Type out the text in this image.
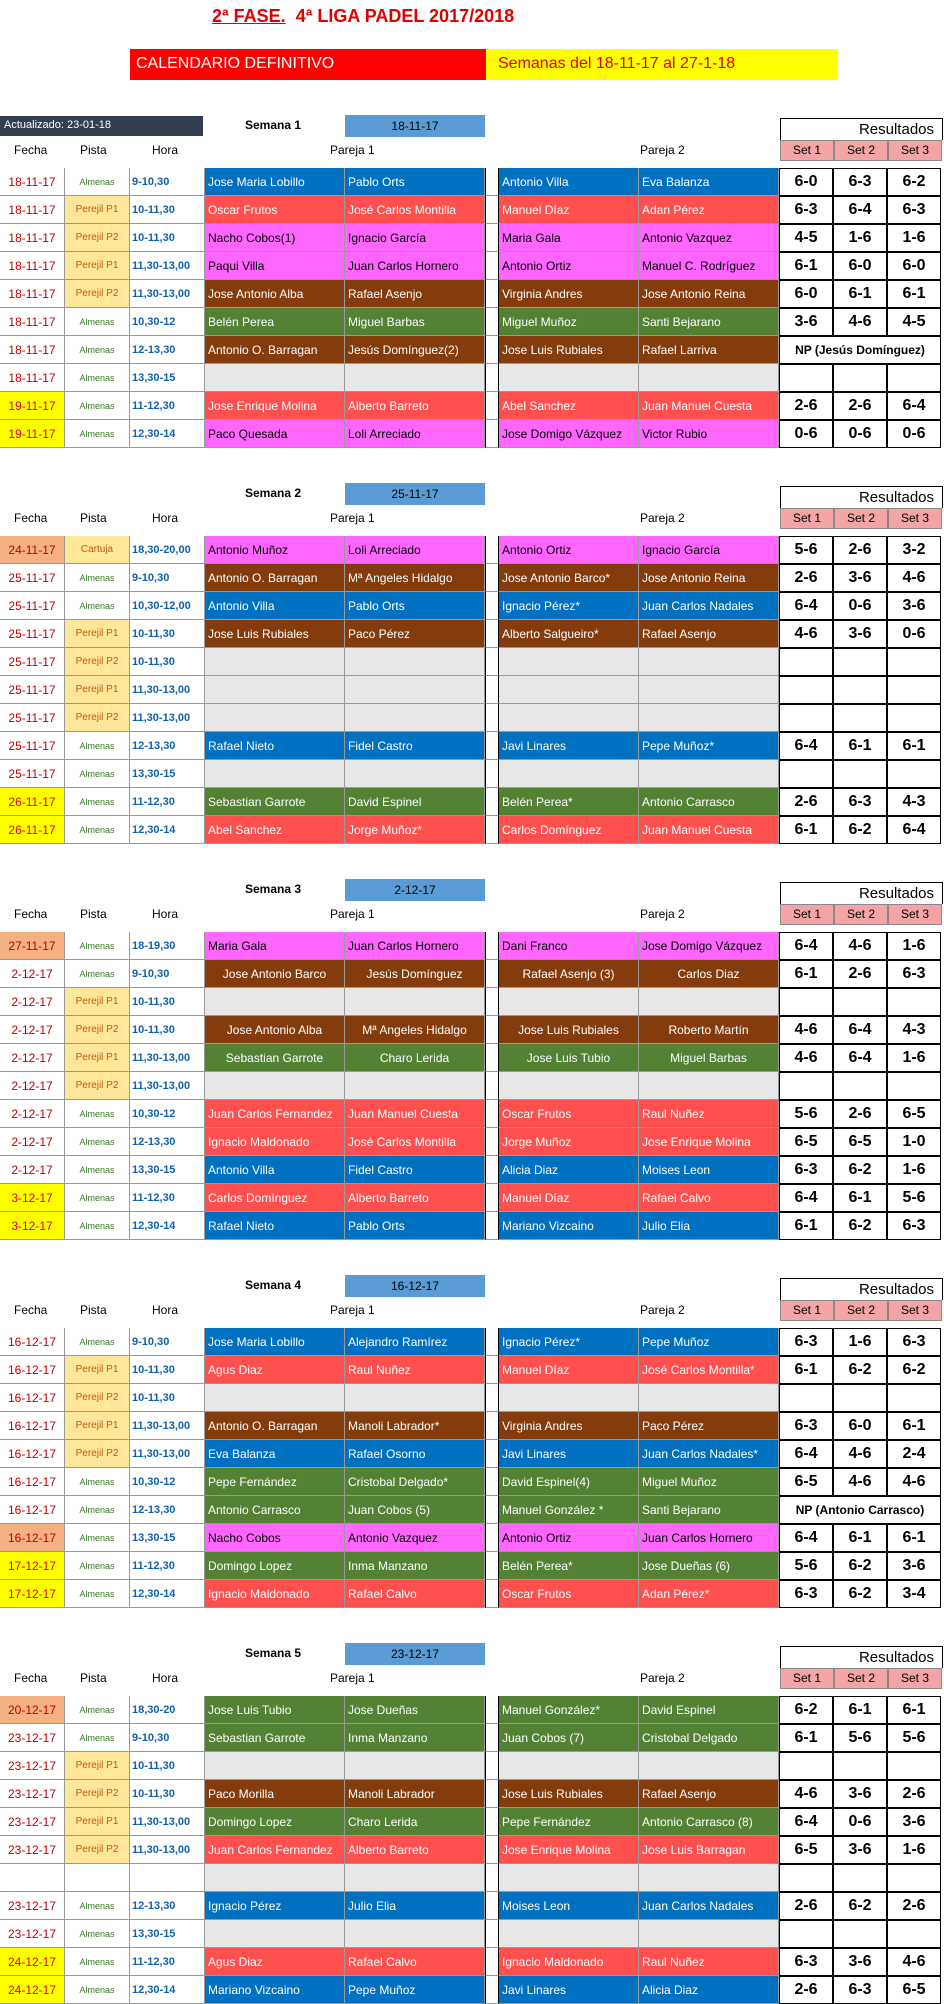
2ª FASE. 4ª LIGA PADEL 2017/2018
CALENDARIO DEFINITIVO	Semanas del 18-11-17 al 27-1-18
Actualizado: 23-01-18	Semana 1	18-11-17	Resultados
Fecha	Pista	Hora	Pareja 1	Pareja 2	Set 1	Set 2	Set 3
18-11-17	Almenas	9-10,30	Jose Maria Lobillo	Pablo Orts	Antonio Villa	Eva Balanza	6-0	6-3	6-2
18-11-17	Perejil P1	10-11,30	Oscar Frutos	José Carlos Montilla	Manuel Díaz	Adan Pérez	6-3	6-4	6-3
18-11-17	Perejil P2	10-11,30	Nacho Cobos(1)	Ignacio García	Maria Gala	Antonio Vazquez	4-5	1-6	1-6
18-11-17	Perejil P1	11,30-13,00	Paqui Villa	Juan Carlos Hornero	Antonio Ortiz	Manuel C. Rodríguez	6-1	6-0	6-0
18-11-17	Perejil P2	11,30-13,00	Jose Antonio Alba	Rafael Asenjo	Virginia Andres	Jose Antonio Reina	6-0	6-1	6-1
18-11-17	Almenas	10,30-12	Belén Perea	Miguel Barbas	Miguel Muñoz	Santi Bejarano	3-6	4-6	4-5
18-11-17	Almenas	12-13,30	Antonio O. Barragan	Jesús Domínguez(2)	Jose Luis Rubiales	Rafael Larriva	NP (Jesús Domínguez)
18-11-17	Almenas	13,30-15
19-11-17	Almenas	11-12,30	Jose Enrique Molina	Alberto Barreto	Abel Sanchez	Juan Manuel Cuesta	2-6	2-6	6-4
19-11-17	Almenas	12,30-14	Paco Quesada	Loli Arreciado	Jose Domigo Vázquez	Victor Rubio	0-6	0-6	0-6
Semana 2	25-11-17	Resultados
Fecha	Pista	Hora	Pareja 1	Pareja 2	Set 1	Set 2	Set 3
24-11-17	Cartuja	18,30-20,00	Antonio Muñoz	Loli Arreciado	Antonio Ortiz	Ignacio García	5-6	2-6	3-2
25-11-17	Almenas	9-10,30	Antonio O. Barragan	Mª Angeles Hidalgo	Jose Antonio Barco*	Jose Antonio Reina	2-6	3-6	4-6
25-11-17	Almenas	10,30-12,00	Antonio Villa	Pablo Orts	Ignacio Pérez*	Juan Carlos Nadales	6-4	0-6	3-6
25-11-17	Perejil P1	10-11,30	Jose Luis Rubiales	Paco Pérez	Alberto Salgueiro*	Rafael Asenjo	4-6	3-6	0-6
25-11-17	Perejil P2	10-11,30
25-11-17	Perejil P1	11,30-13,00
25-11-17	Perejil P2	11,30-13,00
25-11-17	Almenas	12-13,30	Rafael Nieto	Fidel Castro	Javi Linares	Pepe Muñoz*	6-4	6-1	6-1
25-11-17	Almenas	13,30-15
26-11-17	Almenas	11-12,30	Sebastian Garrote	David Espinel	Belén Perea*	Antonio Carrasco	2-6	6-3	4-3
26-11-17	Almenas	12,30-14	Abel Sanchez	Jorge Muñoz*	Carlos Domínguez	Juan Manuel Cuesta	6-1	6-2	6-4
Semana 3	2-12-17	Resultados
Fecha	Pista	Hora	Pareja 1	Pareja 2	Set 1	Set 2	Set 3
27-11-17	Almenas	18-19,30	Maria Gala	Juan Carlos Hornero	Dani Franco	Jose Domigo Vázquez	6-4	4-6	1-6
2-12-17	Almenas	9-10,30	Jose Antonio Barco	Jesús Domínguez	Rafael Asenjo (3)	Carlos Diaz	6-1	2-6	6-3
2-12-17	Perejil P1	10-11,30
2-12-17	Perejil P2	10-11,30	Jose Antonio Alba	Mª Angeles Hidalgo	Jose Luis Rubiales	Roberto Martín	4-6	6-4	4-3
2-12-17	Perejil P1	11,30-13,00	Sebastian Garrote	Charo Lerida	Jose Luis Tubio	Miguel Barbas	4-6	6-4	1-6
2-12-17	Perejil P2	11,30-13,00
2-12-17	Almenas	10,30-12	Juan Carlos Fernandez	Juan Manuel Cuesta	Oscar Frutos	Raul Nuñez	5-6	2-6	6-5
2-12-17	Almenas	12-13,30	Ignacio Maldonado	José Carlos Montilla	Jorge Muñoz	Jose Enrique Molina	6-5	6-5	1-0
2-12-17	Almenas	13,30-15	Antonio Villa	Fidel Castro	Alicia Diaz	Moises Leon	6-3	6-2	1-6
3-12-17	Almenas	11-12,30	Carlos Domínguez	Alberto Barreto	Manuel Díaz	Rafael Calvo	6-4	6-1	5-6
3-12-17	Almenas	12,30-14	Rafael Nieto	Pablo Orts	Mariano Vizcaino	Julio Elia	6-1	6-2	6-3
Semana 4	16-12-17	Resultados
Fecha	Pista	Hora	Pareja 1	Pareja 2	Set 1	Set 2	Set 3
16-12-17	Almenas	9-10,30	Jose Maria Lobillo	Alejandro Ramírez	Ignacio Pérez*	Pepe Muñoz	6-3	1-6	6-3
16-12-17	Perejil P1	10-11,30	Agus Diaz	Raul Nuñez	Manuel Díaz	José Carlos Montilla*	6-1	6-2	6-2
16-12-17	Perejil P2	10-11,30
16-12-17	Perejil P1	11,30-13,00	Antonio O. Barragan	Manoli Labrador*	Virginia Andres	Paco Pérez	6-3	6-0	6-1
16-12-17	Perejil P2	11,30-13,00	Eva Balanza	Rafael Osorno	Javi Linares	Juan Carlos Nadales*	6-4	4-6	2-4
16-12-17	Almenas	10,30-12	Pepe Fernández	Cristobal Delgado*	David Espinel(4)	Miguel Muñoz	6-5	4-6	4-6
16-12-17	Almenas	12-13,30	Antonio Carrasco	Juan Cobos (5)	Manuel González *	Santi Bejarano	NP (Antonio Carrasco)
16-12-17	Almenas	13,30-15	Nacho Cobos	Antonio Vazquez	Antonio Ortiz	Juan Carlos Hornero	6-4	6-1	6-1
17-12-17	Almenas	11-12,30	Domingo Lopez	Inma Manzano	Belén Perea*	Jose Dueñas (6)	5-6	6-2	3-6
17-12-17	Almenas	12,30-14	Ignacio Maldonado	Rafael Calvo	Oscar Frutos	Adan Pérez*	6-3	6-2	3-4
Semana 5	23-12-17	Resultados
Fecha	Pista	Hora	Pareja 1	Pareja 2	Set 1	Set 2	Set 3
20-12-17	Almenas	18,30-20	Jose Luis Tubio	Jose Dueñas	Manuel González*	David Espinel	6-2	6-1	6-1
23-12-17	Almenas	9-10,30	Sebastian Garrote	Inma Manzano	Juan Cobos (7)	Cristobal Delgado	6-1	5-6	5-6
23-12-17	Perejil P1	10-11,30
23-12-17	Perejil P2	10-11,30	Paco Morilla	Manoli Labrador	Jose Luis Rubiales	Rafael Asenjo	4-6	3-6	2-6
23-12-17	Perejil P1	11,30-13,00	Domingo Lopez	Charo Lerida	Pepe Fernández	Antonio Carrasco (8)	6-4	0-6	3-6
23-12-17	Perejil P2	11,30-13,00	Juan Carlos Fernandez	Alberto Barreto	Jose Enrique Molina	Jose Luis Barragan	6-5	3-6	1-6
23-12-17	Almenas	12-13,30	Ignacio Pérez	Julio Elia	Moises Leon	Juan Carlos Nadales	2-6	6-2	2-6
23-12-17	Almenas	13,30-15
24-12-17	Almenas	11-12,30	Agus Diaz	Rafael Calvo	Ignacio Maldonado	Raul Nuñez	6-3	3-6	4-6
24-12-17	Almenas	12,30-14	Mariano Vizcaino	Pepe Muñoz	Javi Linares	Alicia Diaz	2-6	6-3	6-5
